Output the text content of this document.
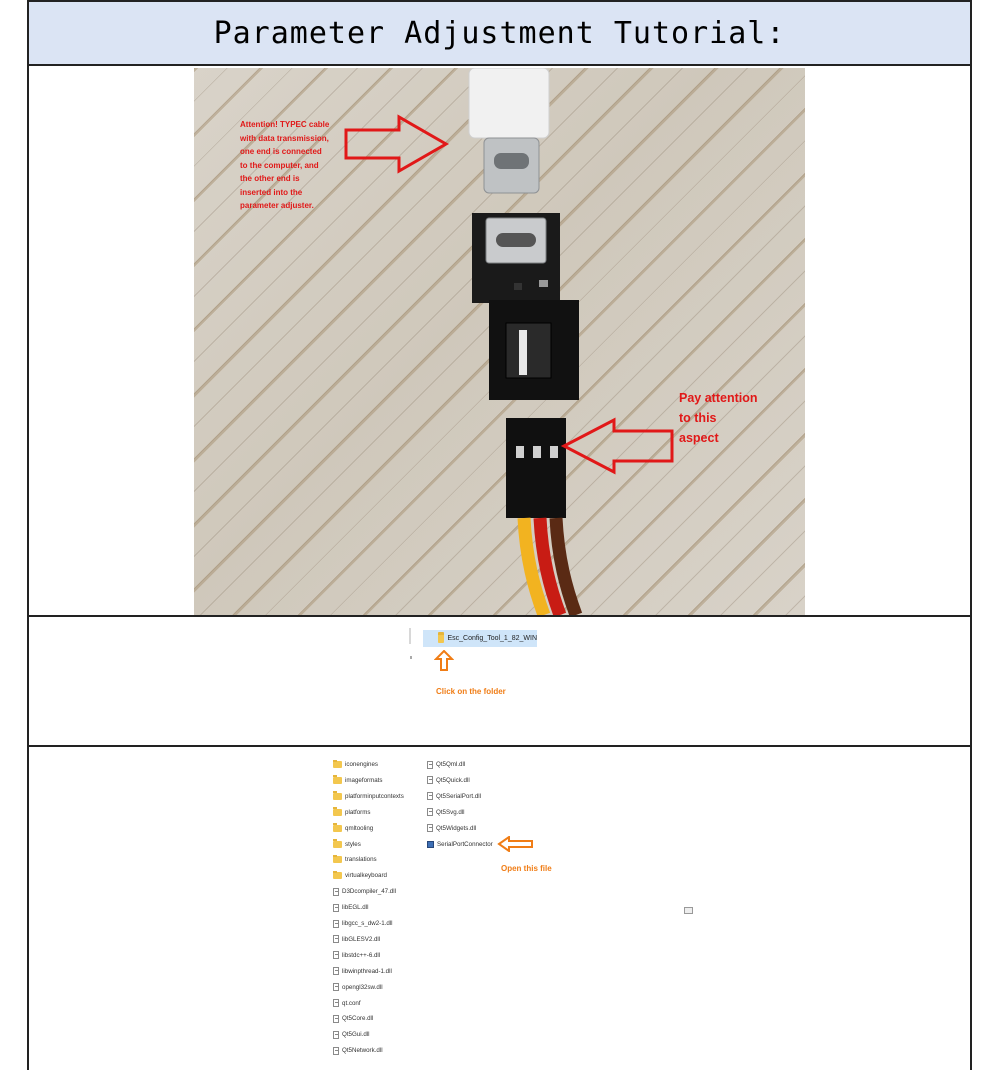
Parameter Adjustment Tutorial:
Attention! TYPEC cable with data transmission, one end is connected to the computer, and the other end is inserted into the parameter adjuster.
Pay attention to this aspect
Esc_Config_Tool_1_82_WIN
Click on the folder
iconengines
imageformats
platforminputcontexts
platforms
qmltooling
styles
translations
virtualkeyboard
D3Dcompiler_47.dll
libEGL.dll
libgcc_s_dw2-1.dll
libGLESV2.dll
libstdc++-6.dll
libwinpthread-1.dll
opengl32sw.dll
qt.conf
Qt5Core.dll
Qt5Gui.dll
Qt5Network.dll
Qt5Qml.dll
Qt5Quick.dll
Qt5SerialPort.dll
Qt5Svg.dll
Qt5Widgets.dll
SerialPortConnector
Open this file
